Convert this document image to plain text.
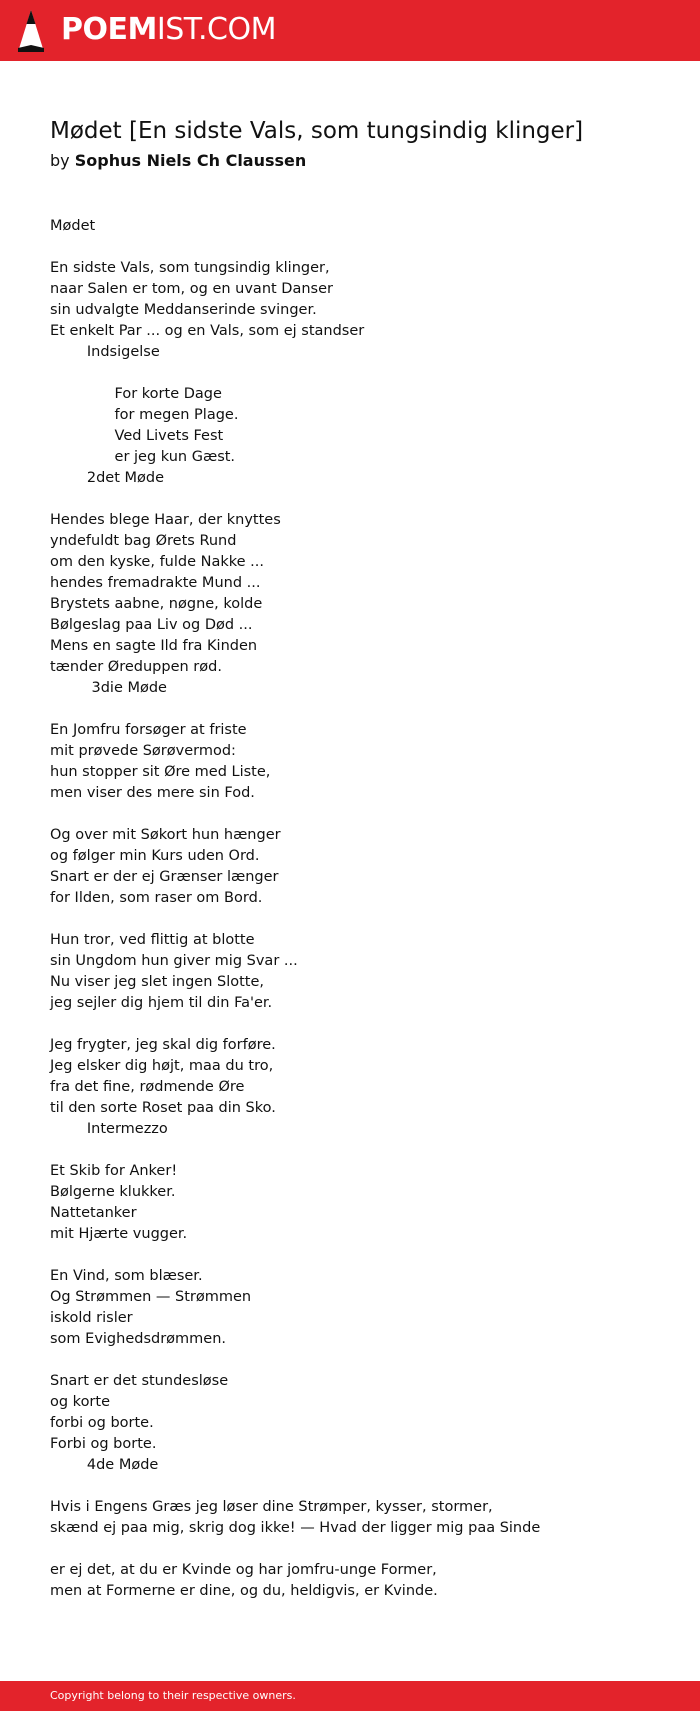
POEMIST.COM
Mødet [En sidste Vals, som tungsindig klinger]
by Sophus Niels Ch Claussen
Mødet

En sidste Vals, som tungsindig klinger,
naar Salen er tom, og en uvant Danser
sin udvalgte Meddanserinde svinger.
Et enkelt Par ... og en Vals, som ej standser
Indsigelse

For korte Dage
for megen Plage.
Ved Livets Fest
er jeg kun Gæst.
2det Møde

Hendes blege Haar, der knyttes
yndefuldt bag Ørets Rund
om den kyske, fulde Nakke ...
hendes fremadrakte Mund ...
Brystets aabne, nøgne, kolde
Bølgeslag paa Liv og Død ...
Mens en sagte Ild fra Kinden
tænder Øreduppen rød.
3die Møde

En Jomfru forsøger at friste
mit prøvede Sørøvermod:
hun stopper sit Øre med Liste,
men viser des mere sin Fod.

Og over mit Søkort hun hænger
og følger min Kurs uden Ord.
Snart er der ej Grænser længer
for Ilden, som raser om Bord.

Hun tror, ved flittig at blotte
sin Ungdom hun giver mig Svar ...
Nu viser jeg slet ingen Slotte,
jeg sejler dig hjem til din Fa'er.

Jeg frygter, jeg skal dig forføre.
Jeg elsker dig højt, maa du tro,
fra det fine, rødmende Øre
til den sorte Roset paa din Sko.
Intermezzo

Et Skib for Anker!
Bølgerne klukker.
Nattetanker
mit Hjærte vugger.

En Vind, som blæser.
Og Strømmen — Strømmen
iskold risler
som Evighedsdrømmen.

Snart er det stundesløse
og korte
forbi og borte.
Forbi og borte.
4de Møde

Hvis i Engens Græs jeg løser dine Strømper, kysser, stormer,
skænd ej paa mig, skrig dog ikke! — Hvad der ligger mig paa Sinde

er ej det, at du er Kvinde og har jomfru-unge Former,
men at Formerne er dine, og du, heldigvis, er Kvinde.
Copyright belong to their respective owners.
